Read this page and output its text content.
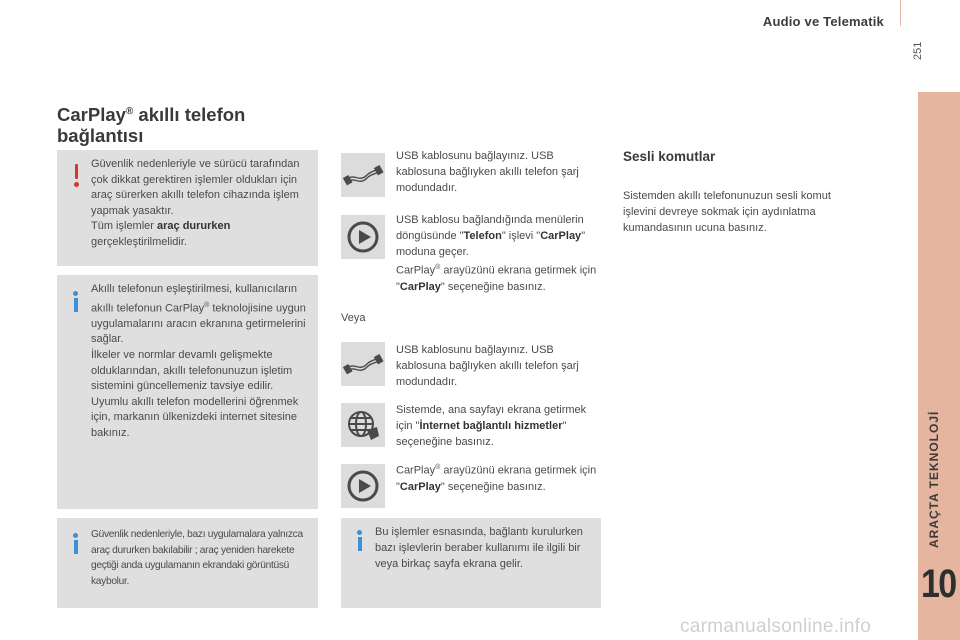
Audio ve Telematik
251
ARAÇTA TEKNOLOJİ
10
CarPlay® akıllı telefon
bağlantısı
Güvenlik nedenleriyle ve sürücü tarafından çok dikkat gerektiren işlemler oldukları için araç sürerken akıllı telefon cihazında işlem yapmak yasaktır.
Tüm işlemler araç dururken gerçekleştirilmelidir.
Akıllı telefonun eşleştirilmesi, kullanıcıların akıllı telefonun CarPlay® teknolojisine uygun uygulamalarını aracın ekranına getirmelerini sağlar.
İlkeler ve normlar devamlı gelişmekte olduklarından, akıllı telefonunuzun işletim sistemini güncellemeniz tavsiye edilir.
Uyumlu akıllı telefon modellerini öğrenmek için, markanın ülkenizdeki internet sitesine bakınız.
Güvenlik nedenleriyle, bazı uygulamalara yalnızca araç dururken bakılabilir ; araç yeniden harekete geçtiği anda uygulamanın ekrandaki görüntüsü kaybolur.
USB kablosunu bağlayınız. USB kablosuna bağlıyken akıllı telefon şarj modundadır.
USB kablosu bağlandığında menülerin döngüsünde "Telefon" işlevi "CarPlay" moduna geçer.
CarPlay® arayüzünü ekrana getirmek için "CarPlay" seçeneğine basınız.
Veya
USB kablosunu bağlayınız. USB kablosuna bağlıyken akıllı telefon şarj modundadır.
Sistemde, ana sayfayı ekrana getirmek için "İnternet bağlantılı hizmetler" seçeneğine basınız.
CarPlay® arayüzünü ekrana getirmek için "CarPlay" seçeneğine basınız.
Bu işlemler esnasında, bağlantı kurulurken bazı işlevlerin beraber kullanımı ile ilgili bir veya birkaç sayfa ekrana gelir.
Sesli komutlar
Sistemden akıllı telefonunuzun sesli komut işlevini devreye sokmak için aydınlatma kumandasının ucuna basınız.
carmanualsonline.info
